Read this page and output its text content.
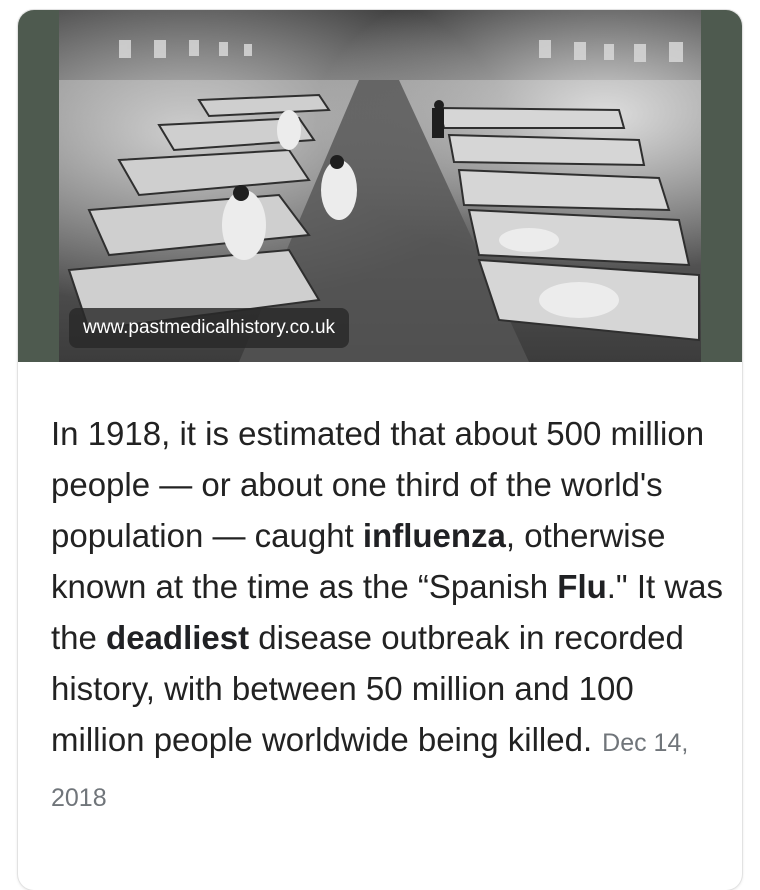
www.pastmedicalhistory.co.uk
In 1918, it is estimated that about 500 million people — or about one third of the world's population — caught influenza, otherwise known at the time as the “Spanish Flu." It was the deadliest disease outbreak in recorded history, with between 50 million and 100 million people worldwide being killed. Dec 14, 2018
